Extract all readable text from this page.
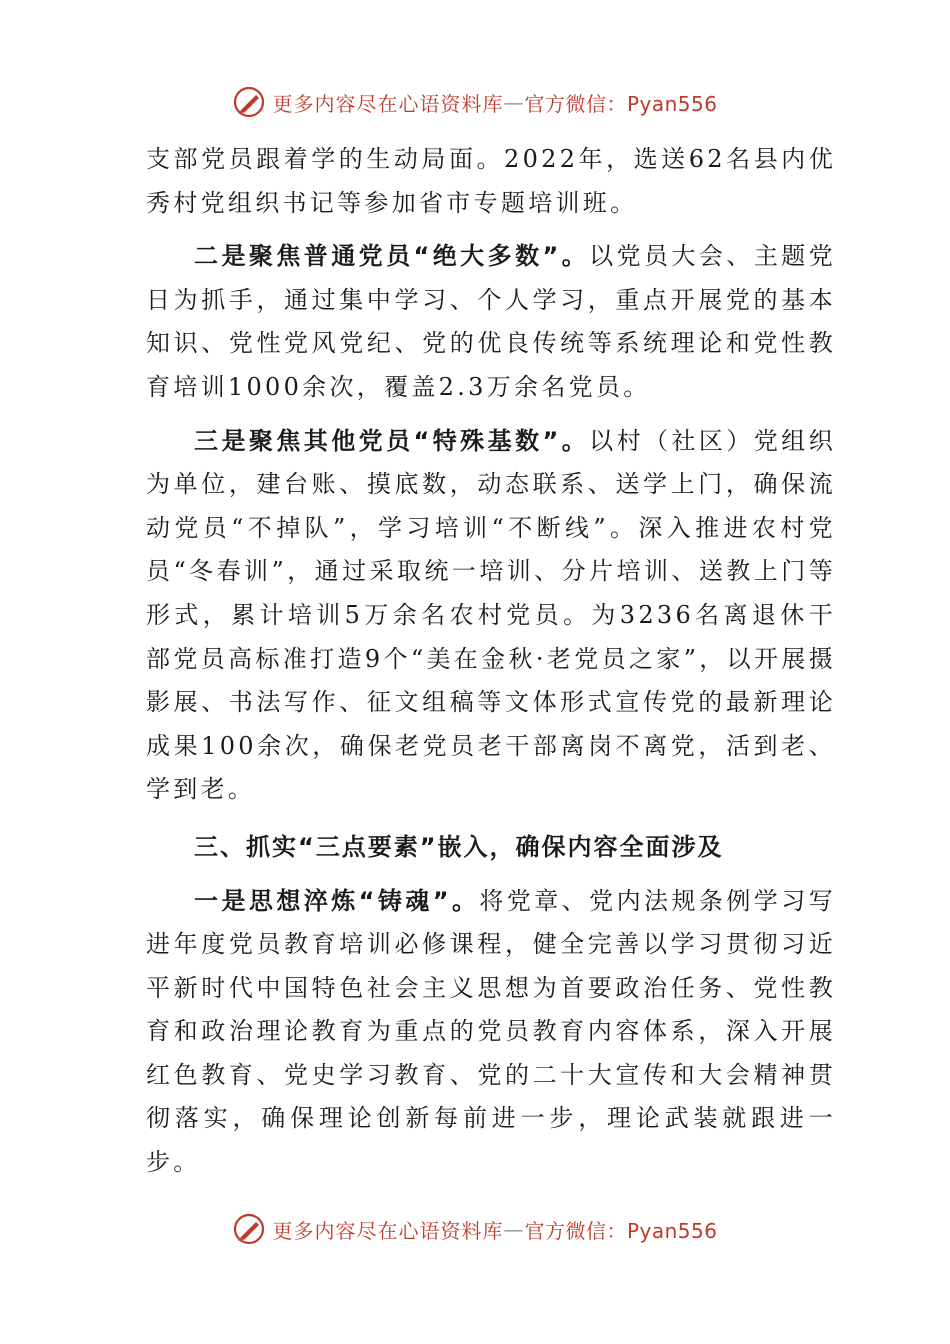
更多内容尽在心语资料库 — 官方微信：Pyan556

支部党员跟着学的生动局面。2022年，选送62名县内优秀村党组织书记等参加省市专题培训班。

二是聚焦普通党员“绝大多数”。以党员大会、主题党日为抓手，通过集中学习、个人学习，重点开展党的基本知识、党性党风党纪、党的优良传统等系统理论和党性教育培训1000余次，覆盖2.3万余名党员。

三是聚焦其他党员“特殊基数”。以村（社区）党组织为单位，建台账、摸底数，动态联系、送学上门，确保流动党员“不掉队”，学习培训“不断线”。深入推进农村党员“冬春训”，通过采取统一培训、分片培训、送教上门等形式，累计培训5万余名农村党员。为3236名离退休干部党员高标准打造9个“美在金秋·老党员之家”，以开展摄影展、书法写作、征文组稿等文体形式宣传党的最新理论成果100余次，确保老党员老干部离岗不离党，活到老、学到老。

三、抓实“三点要素”嵌入，确保内容全面涉及

一是思想淬炼“铸魂”。将党章、党内法规条例学习写进年度党员教育培训必修课程，健全完善以学习贯彻习近平新时代中国特色社会主义思想为首要政治任务、党性教育和政治理论教育为重点的党员教育内容体系，深入开展红色教育、党史学习教育、党的二十大宣传和大会精神贯彻落实，确保理论创新每前进一步，理论武装就跟进一步。

更多内容尽在心语资料库 — 官方微信：Pyan556
